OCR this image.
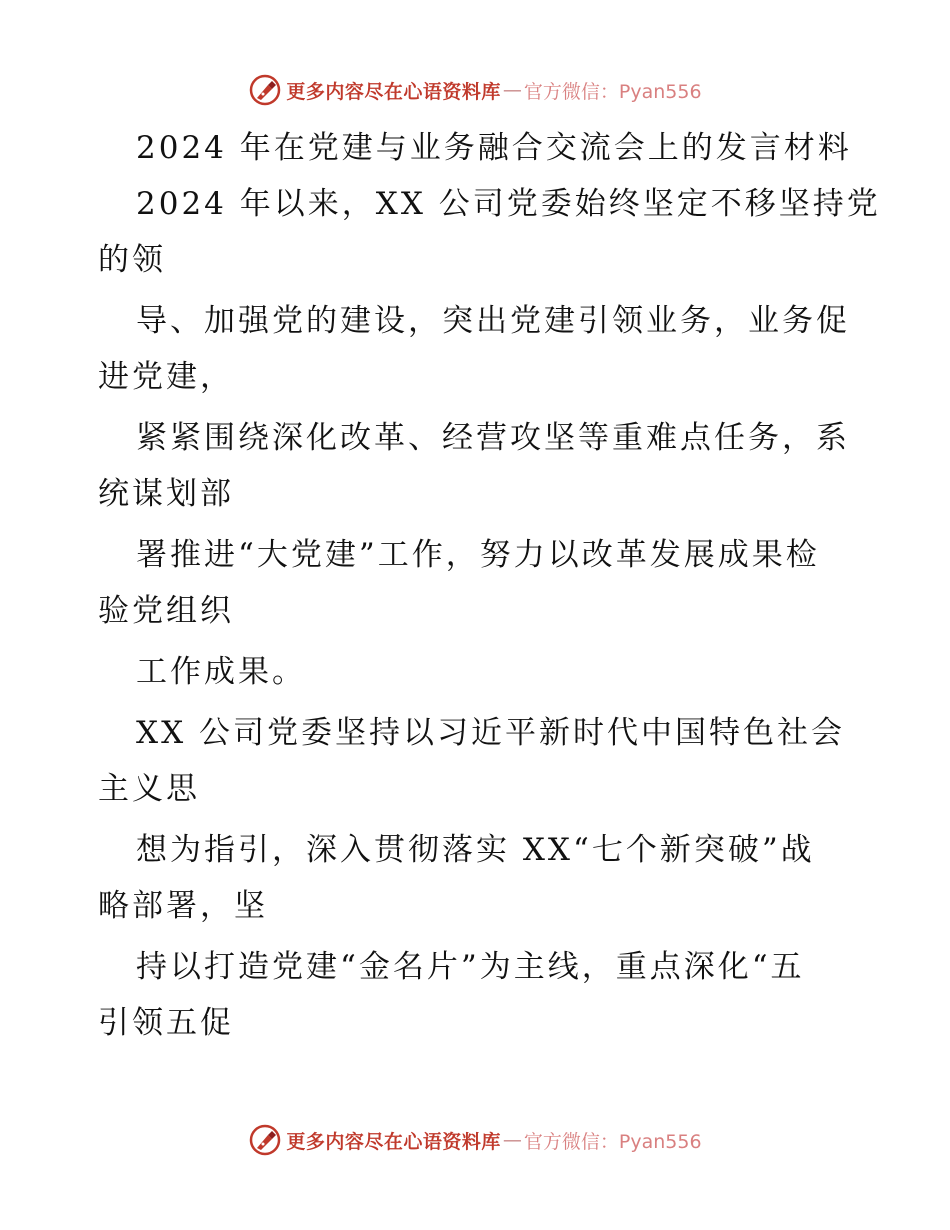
更多内容尽在心语资料库 — 官方微信：Pyan556
2024 年在党建与业务融合交流会上的发言材料
2024 年以来，XX 公司党委始终坚定不移坚持党
的领
导、加强党的建设，突出党建引领业务，业务促
进党建，
紧紧围绕深化改革、经营攻坚等重难点任务，系
统谋划部
署推进“大党建”工作，努力以改革发展成果检
验党组织
工作成果。
XX 公司党委坚持以习近平新时代中国特色社会
主义思
想为指引，深入贯彻落实 XX“七个新突破”战
略部署，坚
持以打造党建“金名片”为主线，重点深化“五
引领五促
更多内容尽在心语资料库 — 官方微信：Pyan556
